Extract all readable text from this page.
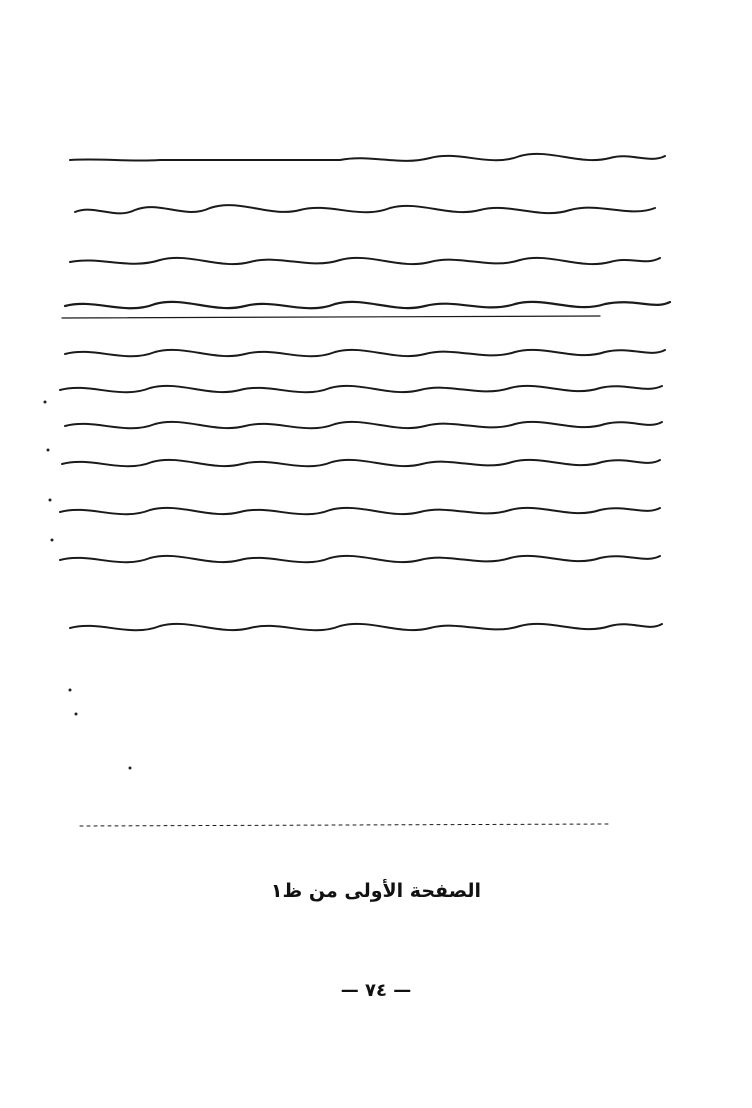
الصفحة الأولى من ظ١
— ٧٤ —
